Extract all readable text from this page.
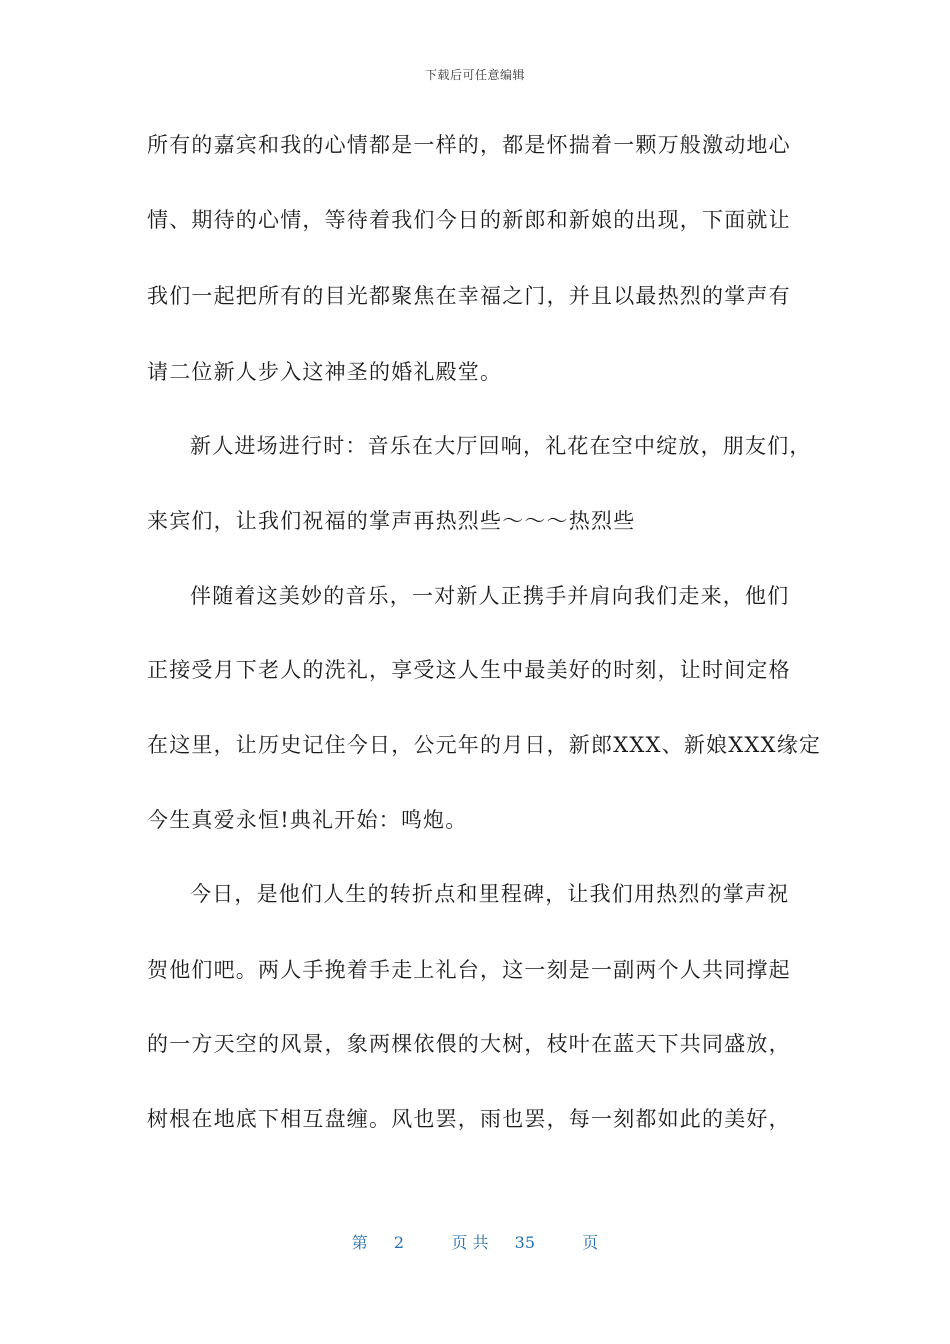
下载后可任意编辑
所有的嘉宾和我的心情都是一样的，都是怀揣着一颗万般激动地心
情、期待的心情，等待着我们今日的新郎和新娘的出现，下面就让
我们一起把所有的目光都聚焦在幸福之门，并且以最热烈的掌声有
请二位新人步入这神圣的婚礼殿堂。
新人进场进行时：音乐在大厅回响，礼花在空中绽放，朋友们，
来宾们，让我们祝福的掌声再热烈些～～～热烈些
伴随着这美妙的音乐，一对新人正携手并肩向我们走来，他们
正接受月下老人的洗礼，享受这人生中最美好的时刻，让时间定格
在这里，让历史记住今日，公元年的月日，新郎XXX、新娘XXX缘定
今生真爱永恒!典礼开始：鸣炮。
今日，是他们人生的转折点和里程碑，让我们用热烈的掌声祝
贺他们吧。两人手挽着手走上礼台，这一刻是一副两个人共同撑起
的一方天空的风景，象两棵依偎的大树，枝叶在蓝天下共同盛放，
树根在地底下相互盘缠。风也罢，雨也罢，每一刻都如此的美好，
第 2	页 共 35	页
